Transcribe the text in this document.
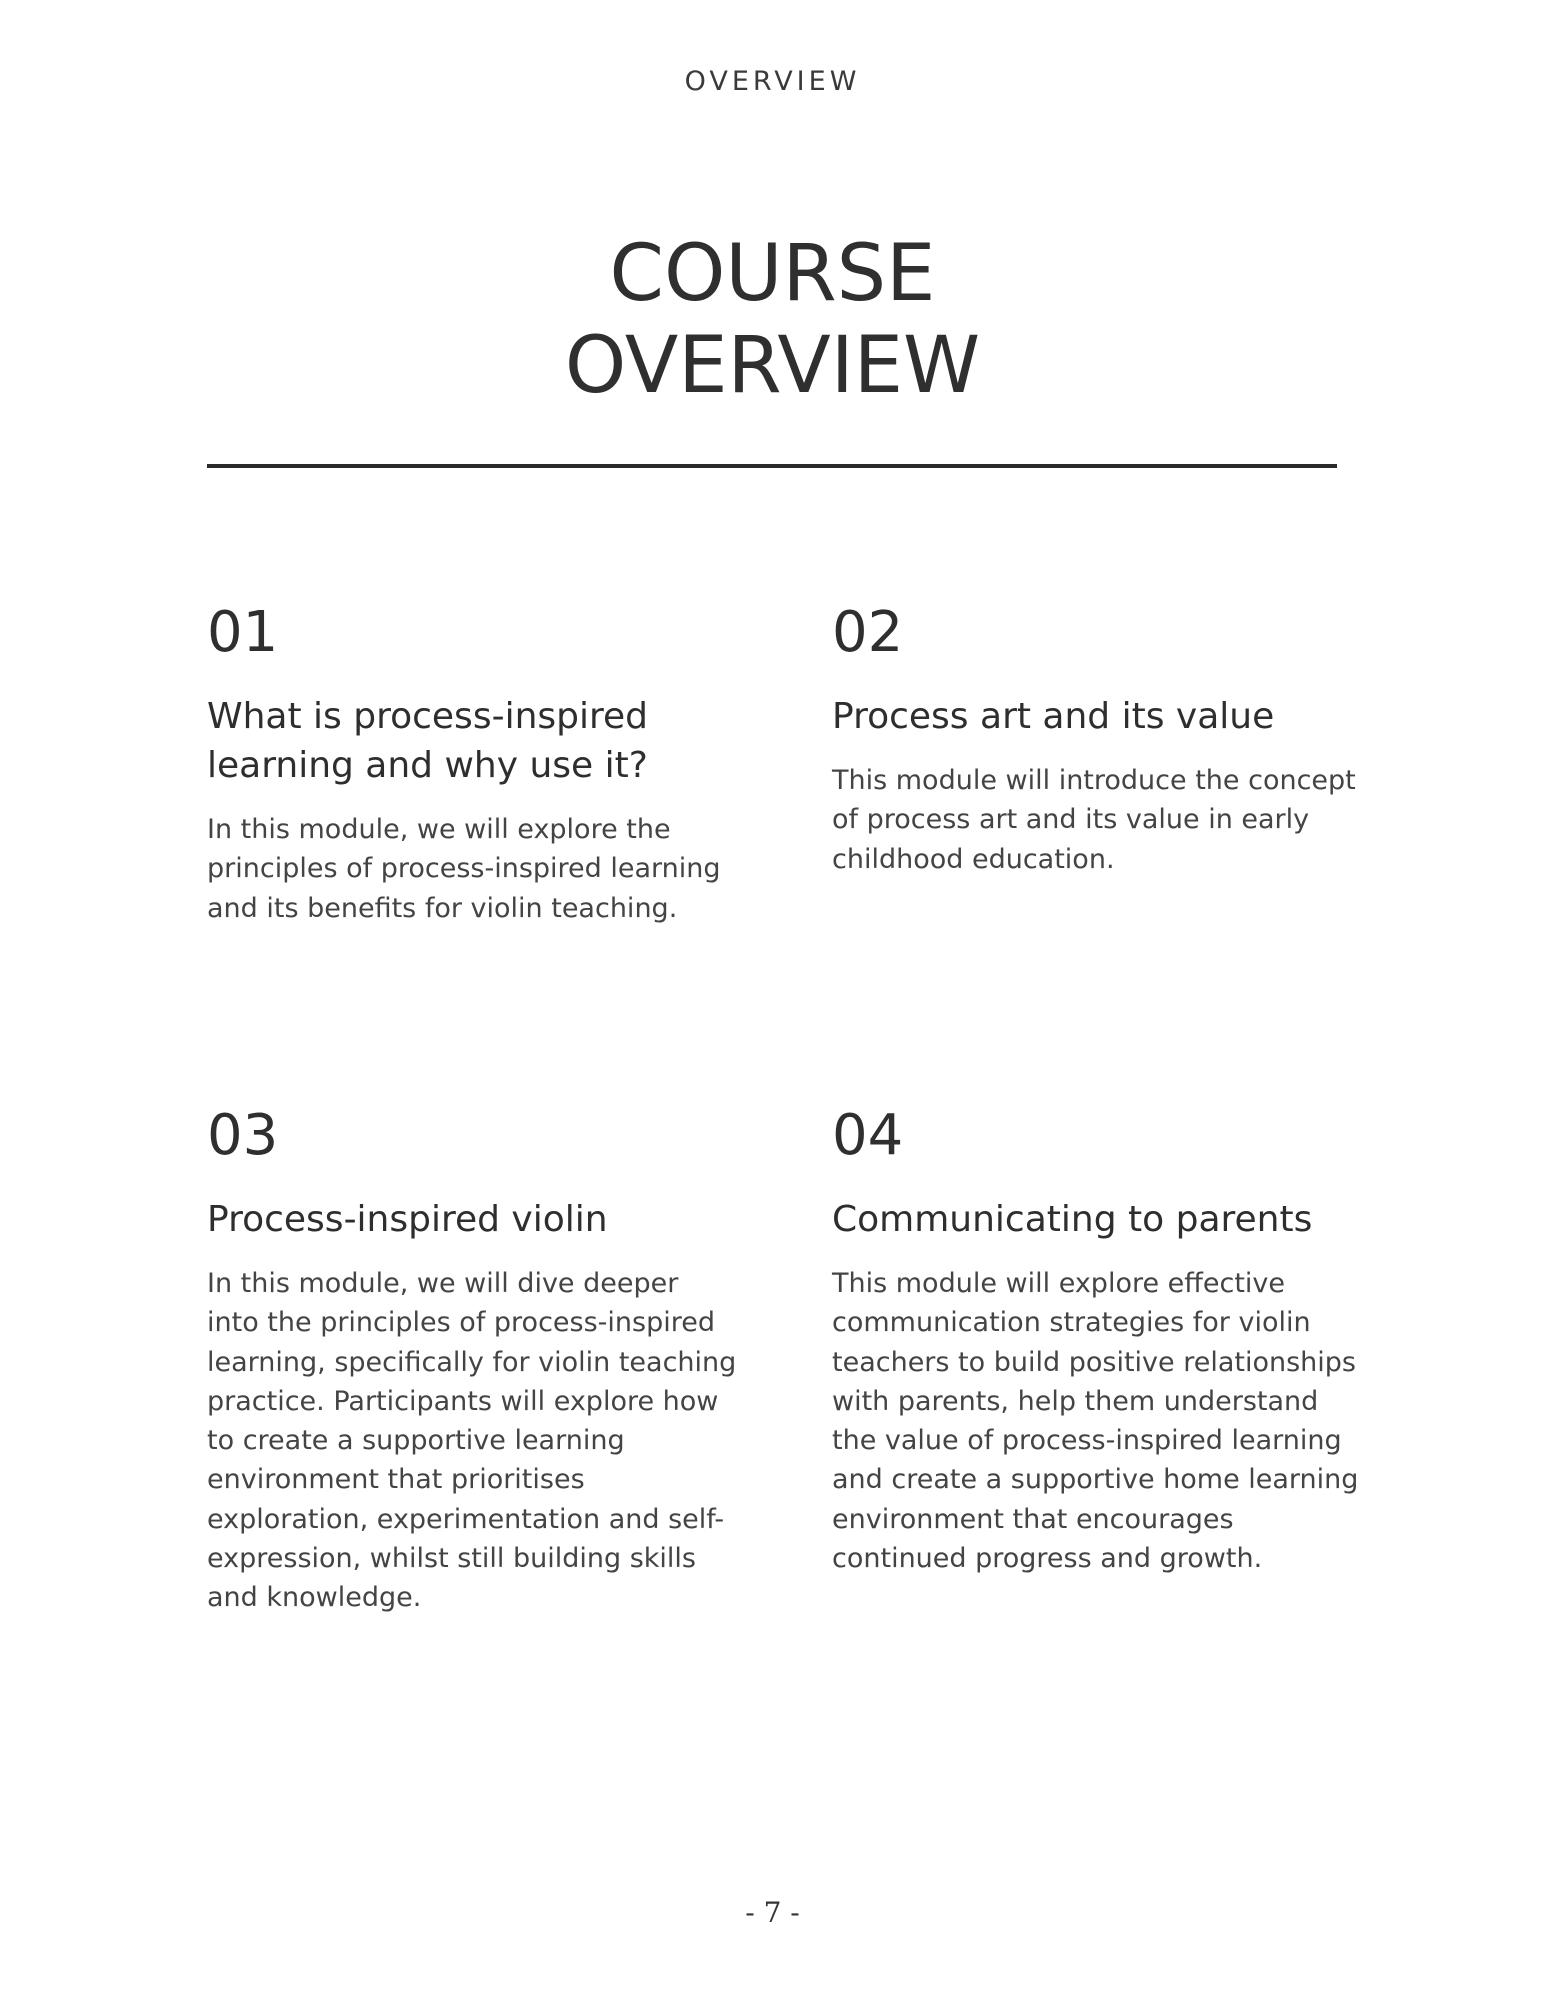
OVERVIEW
COURSE
OVERVIEW
01
What is process-inspired learning and why use it?

In this module, we will explore the principles of process-inspired learning and its benefits for violin teaching.

02
Process art and its value

This module will introduce the concept of process art and its value in early childhood education.

03
Process-inspired violin

In this module, we will dive deeper into the principles of process-inspired learning, specifically for violin teaching practice. Participants will explore how to create a supportive learning environment that prioritises exploration, experimentation and self-expression, whilst still building skills and knowledge.

04
Communicating to parents

This module will explore effective communication strategies for violin teachers to build positive relationships with parents, help them understand the value of process-inspired learning and create a supportive home learning environment that encourages continued progress and growth.

- 7 -
